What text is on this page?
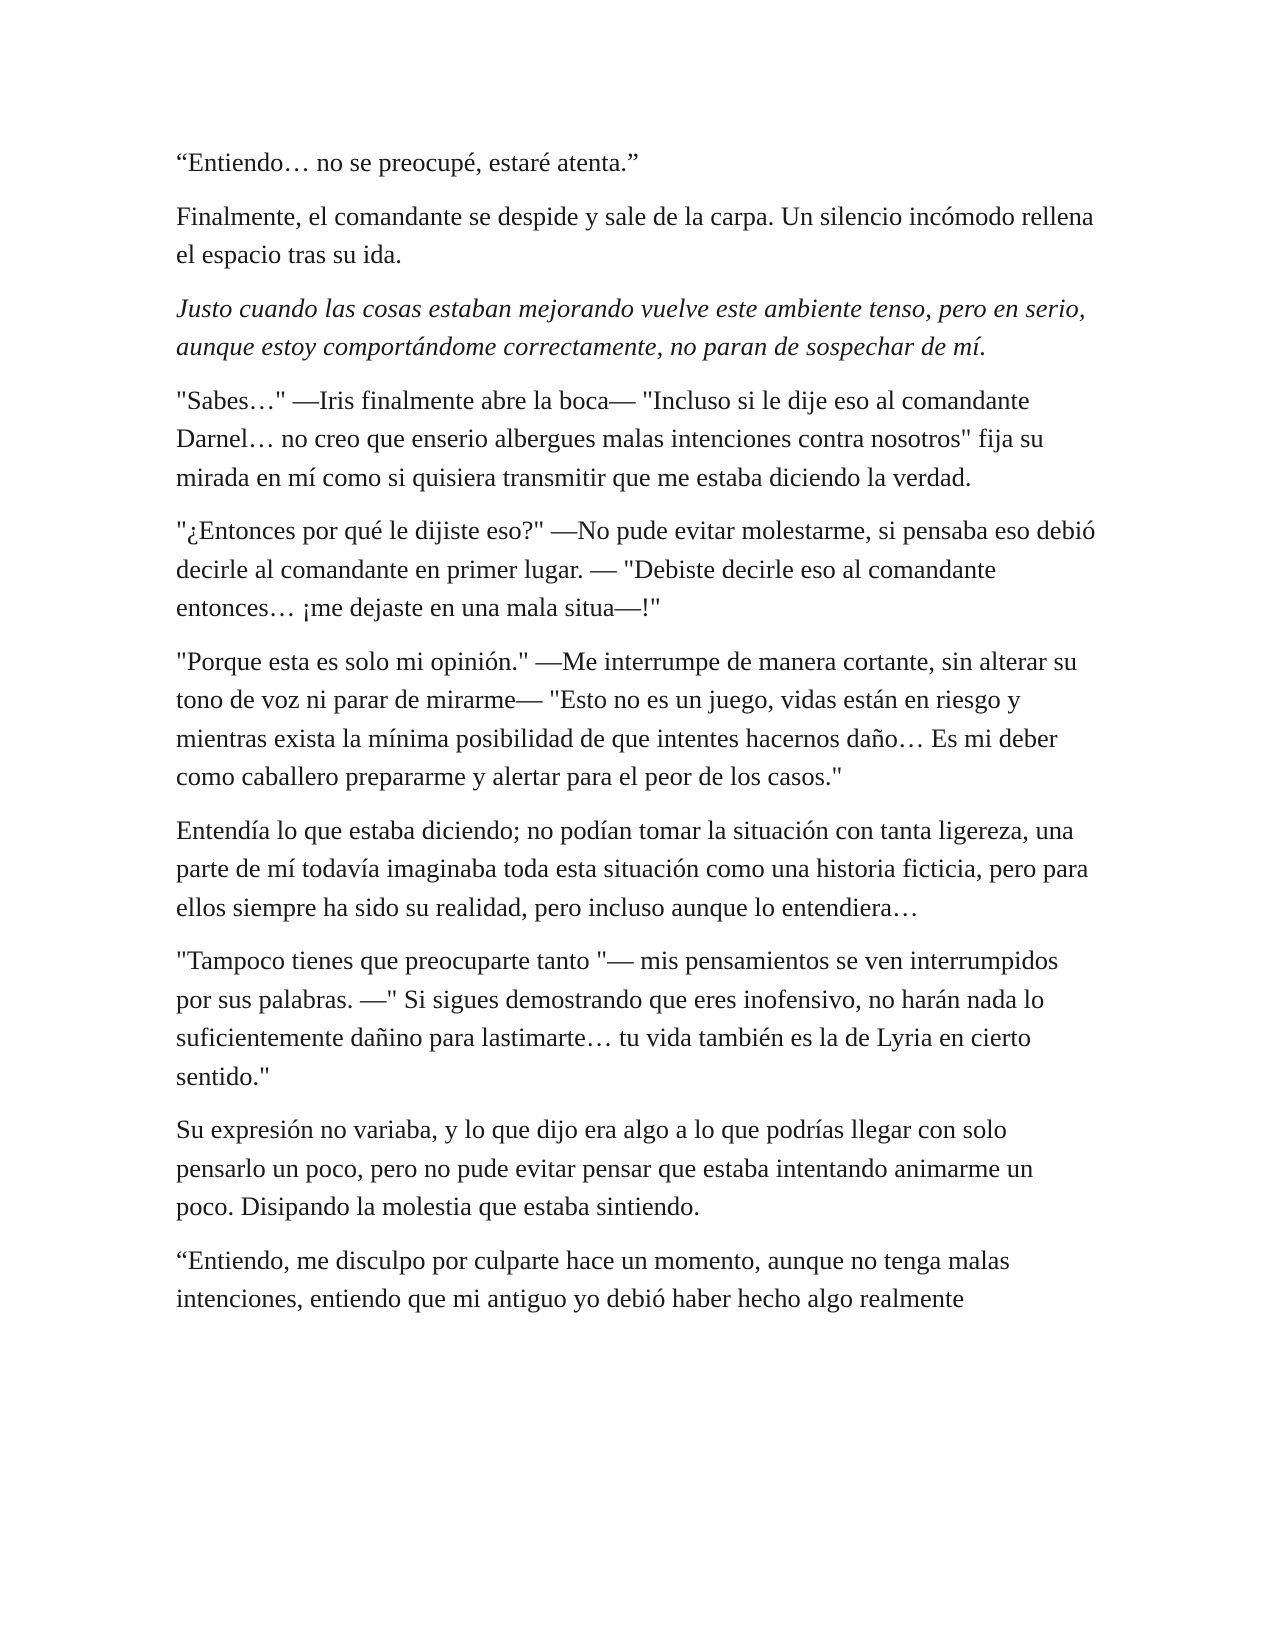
“Entiendo… no se preocupé, estaré atenta.”

Finalmente, el comandante se despide y sale de la carpa. Un silencio incómodo rellena el espacio tras su ida.

Justo cuando las cosas estaban mejorando vuelve este ambiente tenso, pero en serio, aunque estoy comportándome correctamente, no paran de sospechar de mí.

"Sabes…" —Iris finalmente abre la boca— "Incluso si le dije eso al comandante Darnel… no creo que enserio albergues malas intenciones contra nosotros" fija su mirada en mí como si quisiera transmitir que me estaba diciendo la verdad.

"¿Entonces por qué le dijiste eso?" —No pude evitar molestarme, si pensaba eso debió decirle al comandante en primer lugar. — "Debiste decirle eso al comandante entonces… ¡me dejaste en una mala situa—!"

"Porque esta es solo mi opinión." —Me interrumpe de manera cortante, sin alterar su tono de voz ni parar de mirarme— "Esto no es un juego, vidas están en riesgo y mientras exista la mínima posibilidad de que intentes hacernos daño… Es mi deber como caballero prepararme y alertar para el peor de los casos."

Entendía lo que estaba diciendo; no podían tomar la situación con tanta ligereza, una parte de mí todavía imaginaba toda esta situación como una historia ficticia, pero para ellos siempre ha sido su realidad, pero incluso aunque lo entendiera…

"Tampoco tienes que preocuparte tanto "— mis pensamientos se ven interrumpidos por sus palabras. —" Si sigues demostrando que eres inofensivo, no harán nada lo suficientemente dañino para lastimarte… tu vida también es la de Lyria en cierto sentido."

Su expresión no variaba, y lo que dijo era algo a lo que podrías llegar con solo pensarlo un poco, pero no pude evitar pensar que estaba intentando animarme un poco. Disipando la molestia que estaba sintiendo.

“Entiendo, me disculpo por culparte hace un momento, aunque no tenga malas intenciones, entiendo que mi antiguo yo debió haber hecho algo realmente
